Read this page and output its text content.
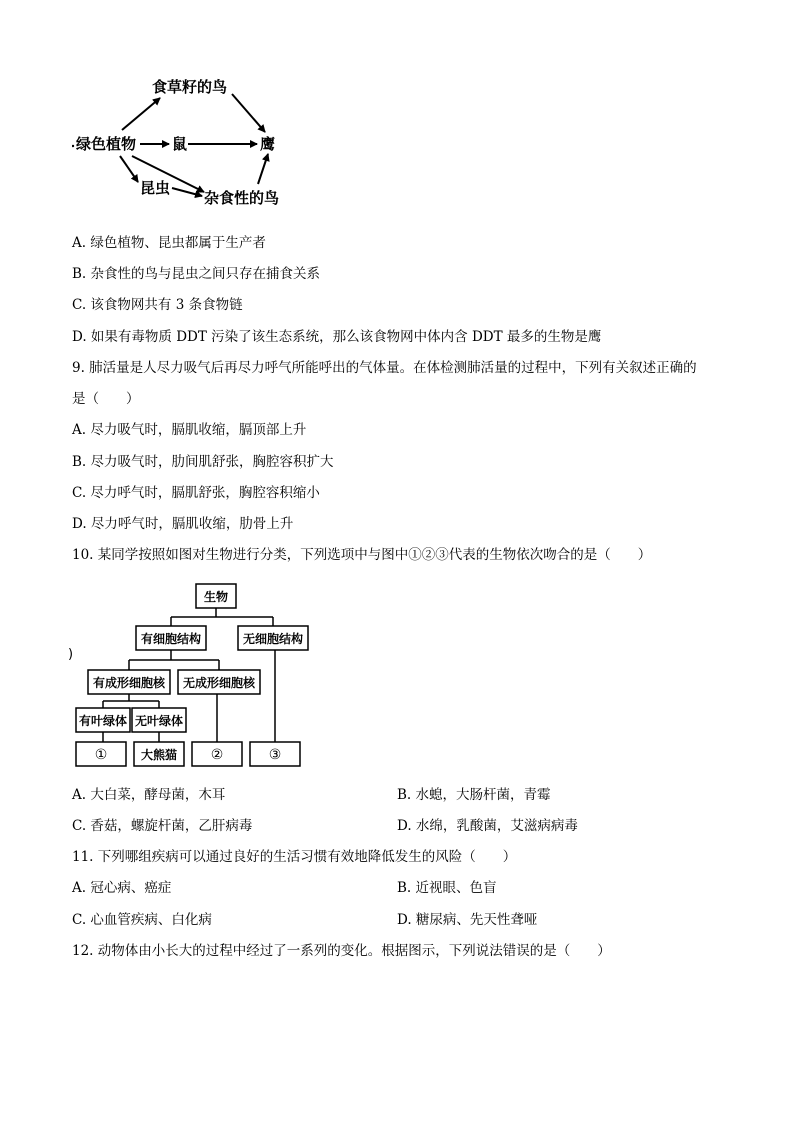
食草籽的鸟
绿色植物 鼠	鹰
昆虫
杂食性的鸟
A. 绿色植物、昆虫都属于生产者
B. 杂食性的鸟与昆虫之间只存在捕食关系
C. 该食物网共有 3 条食物链
D. 如果有毒物质 DDT 污染了该生态系统，那么该食物网中体内含 DDT 最多的生物是鹰
9. 肺活量是人尽力吸气后再尽力呼气所能呼出的气体量。在体检测肺活量的过程中，下列有关叙述正确的
是（　　）
A. 尽力吸气时，膈肌收缩，膈顶部上升
B. 尽力吸气时，肋间肌舒张，胸腔容积扩大
C. 尽力呼气时，膈肌舒张，胸腔容积缩小
D. 尽力呼气时，膈肌收缩，肋骨上升
10. 某同学按照如图对生物进行分类，下列选项中与图中①②③代表的生物依次吻合的是（　　）
生物
有细胞结构	无细胞结构
有成形细胞核 无成形细胞核
有叶绿体 无叶绿体
①	大熊猫 ②	③
)
A. 大白菜，酵母菌，木耳	B. 水螅，大肠杆菌，青霉
C. 香菇，螺旋杆菌，乙肝病毒	D. 水绵，乳酸菌，艾滋病病毒
11. 下列哪组疾病可以通过良好的生活习惯有效地降低发生的风险（　　）
A. 冠心病、癌症	B. 近视眼、色盲
C. 心血管疾病、白化病	D. 糖尿病、先天性聋哑
12. 动物体由小长大的过程中经过了一系列的变化。根据图示，下列说法错误的是（　　）
